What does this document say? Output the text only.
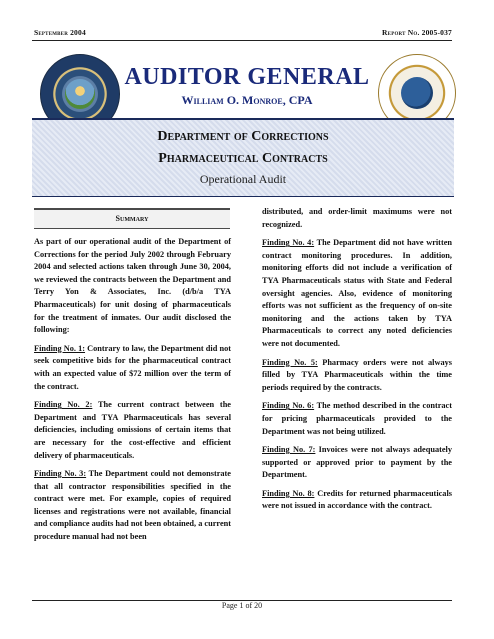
September 2004	Report No. 2005-037
AUDITOR GENERAL
William O. Monroe, CPA
Department of Corrections
Pharmaceutical Contracts
Operational Audit
Summary

As part of our operational audit of the Department of Corrections for the period July 2002 through February 2004 and selected actions taken through June 30, 2004, we reviewed the contracts between the Department and Terry Yon & Associates, Inc. (d/b/a TYA Pharmaceuticals) for unit dosing of pharmaceuticals for the treatment of inmates. Our audit disclosed the following:

Finding No. 1: Contrary to law, the Department did not seek competitive bids for the pharmaceutical contract with an expected value of $72 million over the term of the contract.

Finding No. 2: The current contract between the Department and TYA Pharmaceuticals has several deficiencies, including omissions of certain items that are necessary for the cost-effective and efficient delivery of pharmaceuticals.

Finding No. 3: The Department could not demonstrate that all contractor responsibilities specified in the contract were met. For example, copies of required licenses and registrations were not available, financial and compliance audits had not been obtained, a current procedure manual had not been

distributed, and order-limit maximums were not recognized.

Finding No. 4: The Department did not have written contract monitoring procedures. In addition, monitoring efforts did not include a verification of TYA Pharmaceuticals status with State and Federal oversight agencies. Also, evidence of monitoring efforts was not sufficient as the frequency of on-site monitoring and the actions taken by TYA Pharmaceuticals to correct any noted deficiencies were not documented.

Finding No. 5: Pharmacy orders were not always filled by TYA Pharmaceuticals within the time periods required by the contracts.

Finding No. 6: The method described in the contract for pricing pharmaceuticals provided to the Department was not being utilized.

Finding No. 7: Invoices were not always adequately supported or approved prior to payment by the Department.

Finding No. 8: Credits for returned pharmaceuticals were not issued in accordance with the contract.

Page 1 of 20
